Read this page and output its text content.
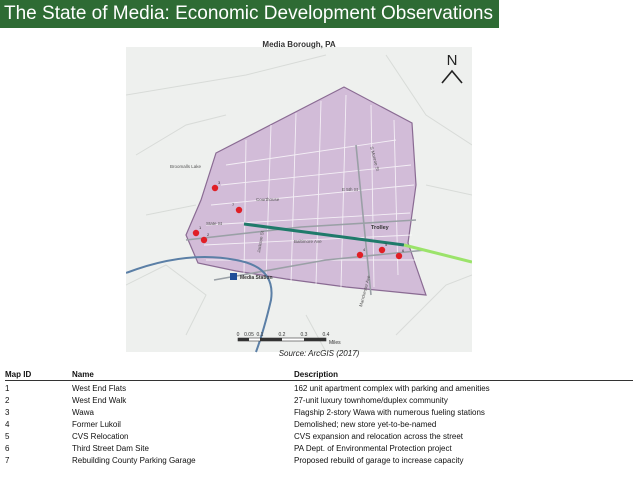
The State of Media: Economic Development Observations
Media Borough, PA
N
Broomalls Lake
Courthouse
State St
Baltimore Ave
E 5th St
S Monroe St
Jackson St
Manchester Ave
Trolley
Media Station
1
2
3
4
5
6
7
0 0.05 0.1	0.2	0.3	0.4
Miles
Source: ArcGIS (2017)
Map ID	Name	Description
1	West End Flats	162 unit apartment complex with parking and amenities
2	West End Walk	27-unit luxury townhome/duplex community
3	Wawa	Flagship 2-story Wawa with numerous fueling stations
4	Former Lukoil	Demolished; new store yet-to-be-named
5	CVS Relocation	CVS expansion and relocation across the street
6	Third Street Dam Site	PA Dept. of Environmental Protection project
7	Rebuilding County Parking Garage	Proposed rebuild of garage to increase capacity
